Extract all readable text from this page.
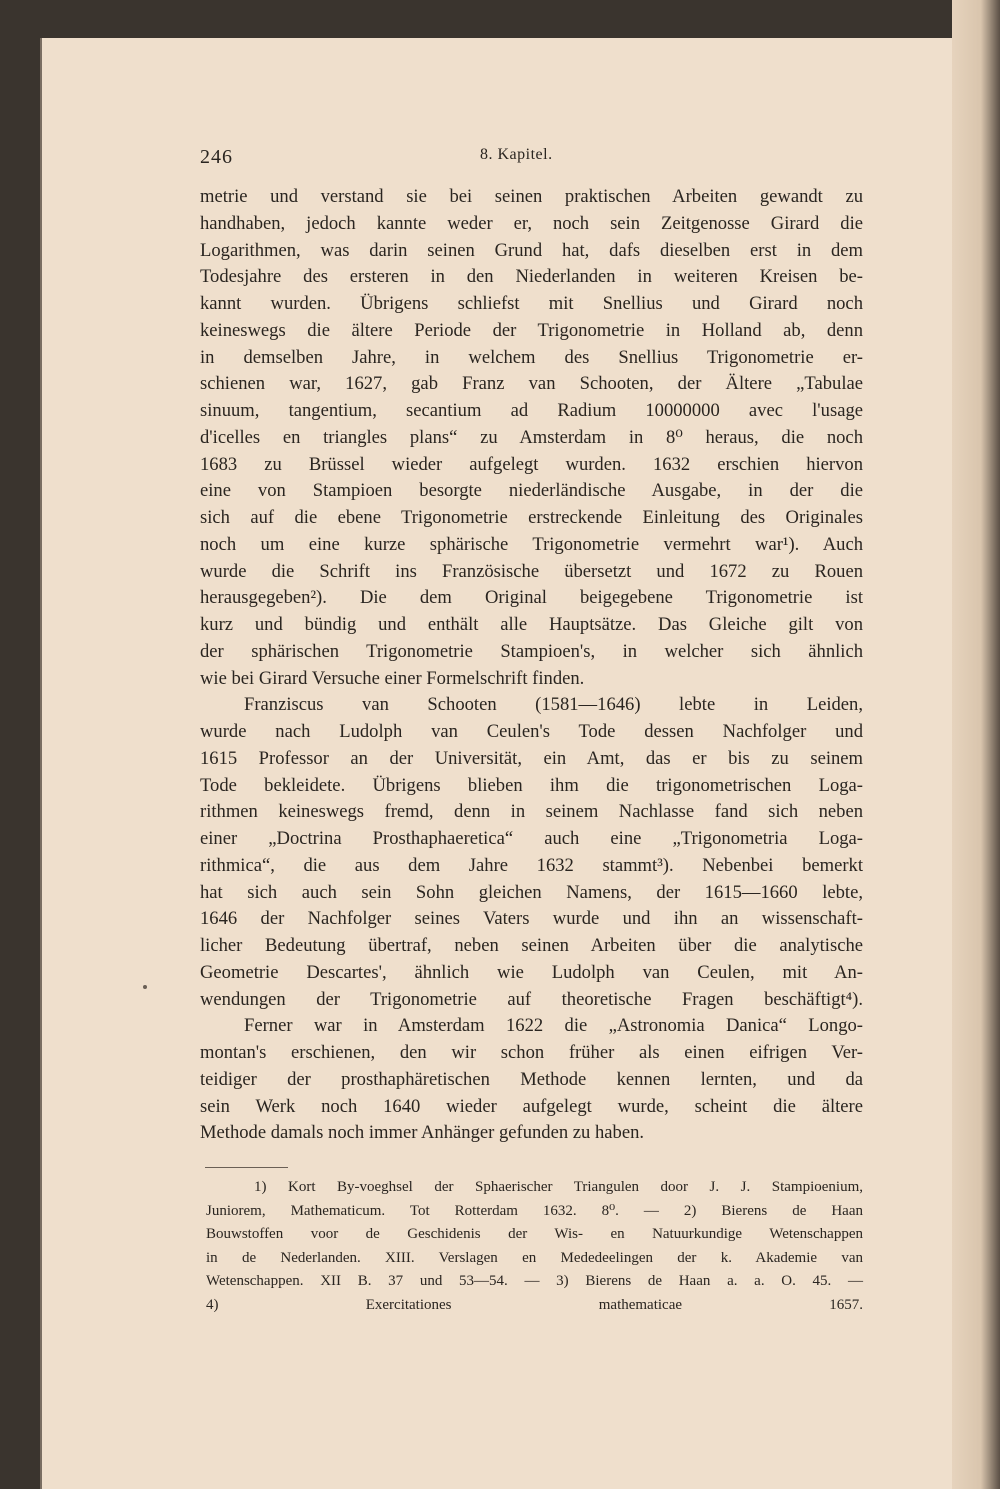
246	8. Kapitel.
metrie und verstand sie bei seinen praktischen Arbeiten gewandt zu
handhaben, jedoch kannte weder er, noch sein Zeitgenosse Girard die
Logarithmen, was darin seinen Grund hat, dafs dieselben erst in dem
Todesjahre des ersteren in den Niederlanden in weiteren Kreisen be-
kannt wurden. Übrigens schliefst mit Snellius und Girard noch
keineswegs die ältere Periode der Trigonometrie in Holland ab, denn
in demselben Jahre, in welchem des Snellius Trigonometrie er-
schienen war, 1627, gab Franz van Schooten, der Ältere „Tabulae
sinuum, tangentium, secantium ad Radium 10000000 avec l'usage
d'icelles en triangles plans“ zu Amsterdam in 8⁰ heraus, die noch
1683 zu Brüssel wieder aufgelegt wurden. 1632 erschien hiervon
eine von Stampioen besorgte niederländische Ausgabe, in der die
sich auf die ebene Trigonometrie erstreckende Einleitung des Originales
noch um eine kurze sphärische Trigonometrie vermehrt war¹). Auch
wurde die Schrift ins Französische übersetzt und 1672 zu Rouen
herausgegeben²). Die dem Original beigegebene Trigonometrie ist
kurz und bündig und enthält alle Hauptsätze. Das Gleiche gilt von
der sphärischen Trigonometrie Stampioen's, in welcher sich ähnlich
wie bei Girard Versuche einer Formelschrift finden.
Franziscus van Schooten (1581—1646) lebte in Leiden,
wurde nach Ludolph van Ceulen's Tode dessen Nachfolger und
1615 Professor an der Universität, ein Amt, das er bis zu seinem
Tode bekleidete. Übrigens blieben ihm die trigonometrischen Loga-
rithmen keineswegs fremd, denn in seinem Nachlasse fand sich neben
einer „Doctrina Prosthaphaeretica“ auch eine „Trigonometria Loga-
rithmica“, die aus dem Jahre 1632 stammt³). Nebenbei bemerkt
hat sich auch sein Sohn gleichen Namens, der 1615—1660 lebte,
1646 der Nachfolger seines Vaters wurde und ihn an wissenschaft-
licher Bedeutung übertraf, neben seinen Arbeiten über die analytische
Geometrie Descartes', ähnlich wie Ludolph van Ceulen, mit An-
wendungen der Trigonometrie auf theoretische Fragen beschäftigt⁴).
Ferner war in Amsterdam 1622 die „Astronomia Danica“ Longo-
montan's erschienen, den wir schon früher als einen eifrigen Ver-
teidiger der prosthaphäretischen Methode kennen lernten, und da
sein Werk noch 1640 wieder aufgelegt wurde, scheint die ältere
Methode damals noch immer Anhänger gefunden zu haben.
1) Kort By-voeghsel der Sphaerischer Triangulen door J. J. Stampioenium,
Juniorem, Mathematicum. Tot Rotterdam 1632. 8⁰. — 2) Bierens de Haan
Bouwstoffen voor de Geschidenis der Wis- en Natuurkundige Wetenschappen
in de Nederlanden. XIII. Verslagen en Mededeelingen der k. Akademie van
Wetenschappen. XII B. 37 und 53—54. — 3) Bierens de Haan a. a. O. 45. —
4) Exercitationes mathematicae 1657.
